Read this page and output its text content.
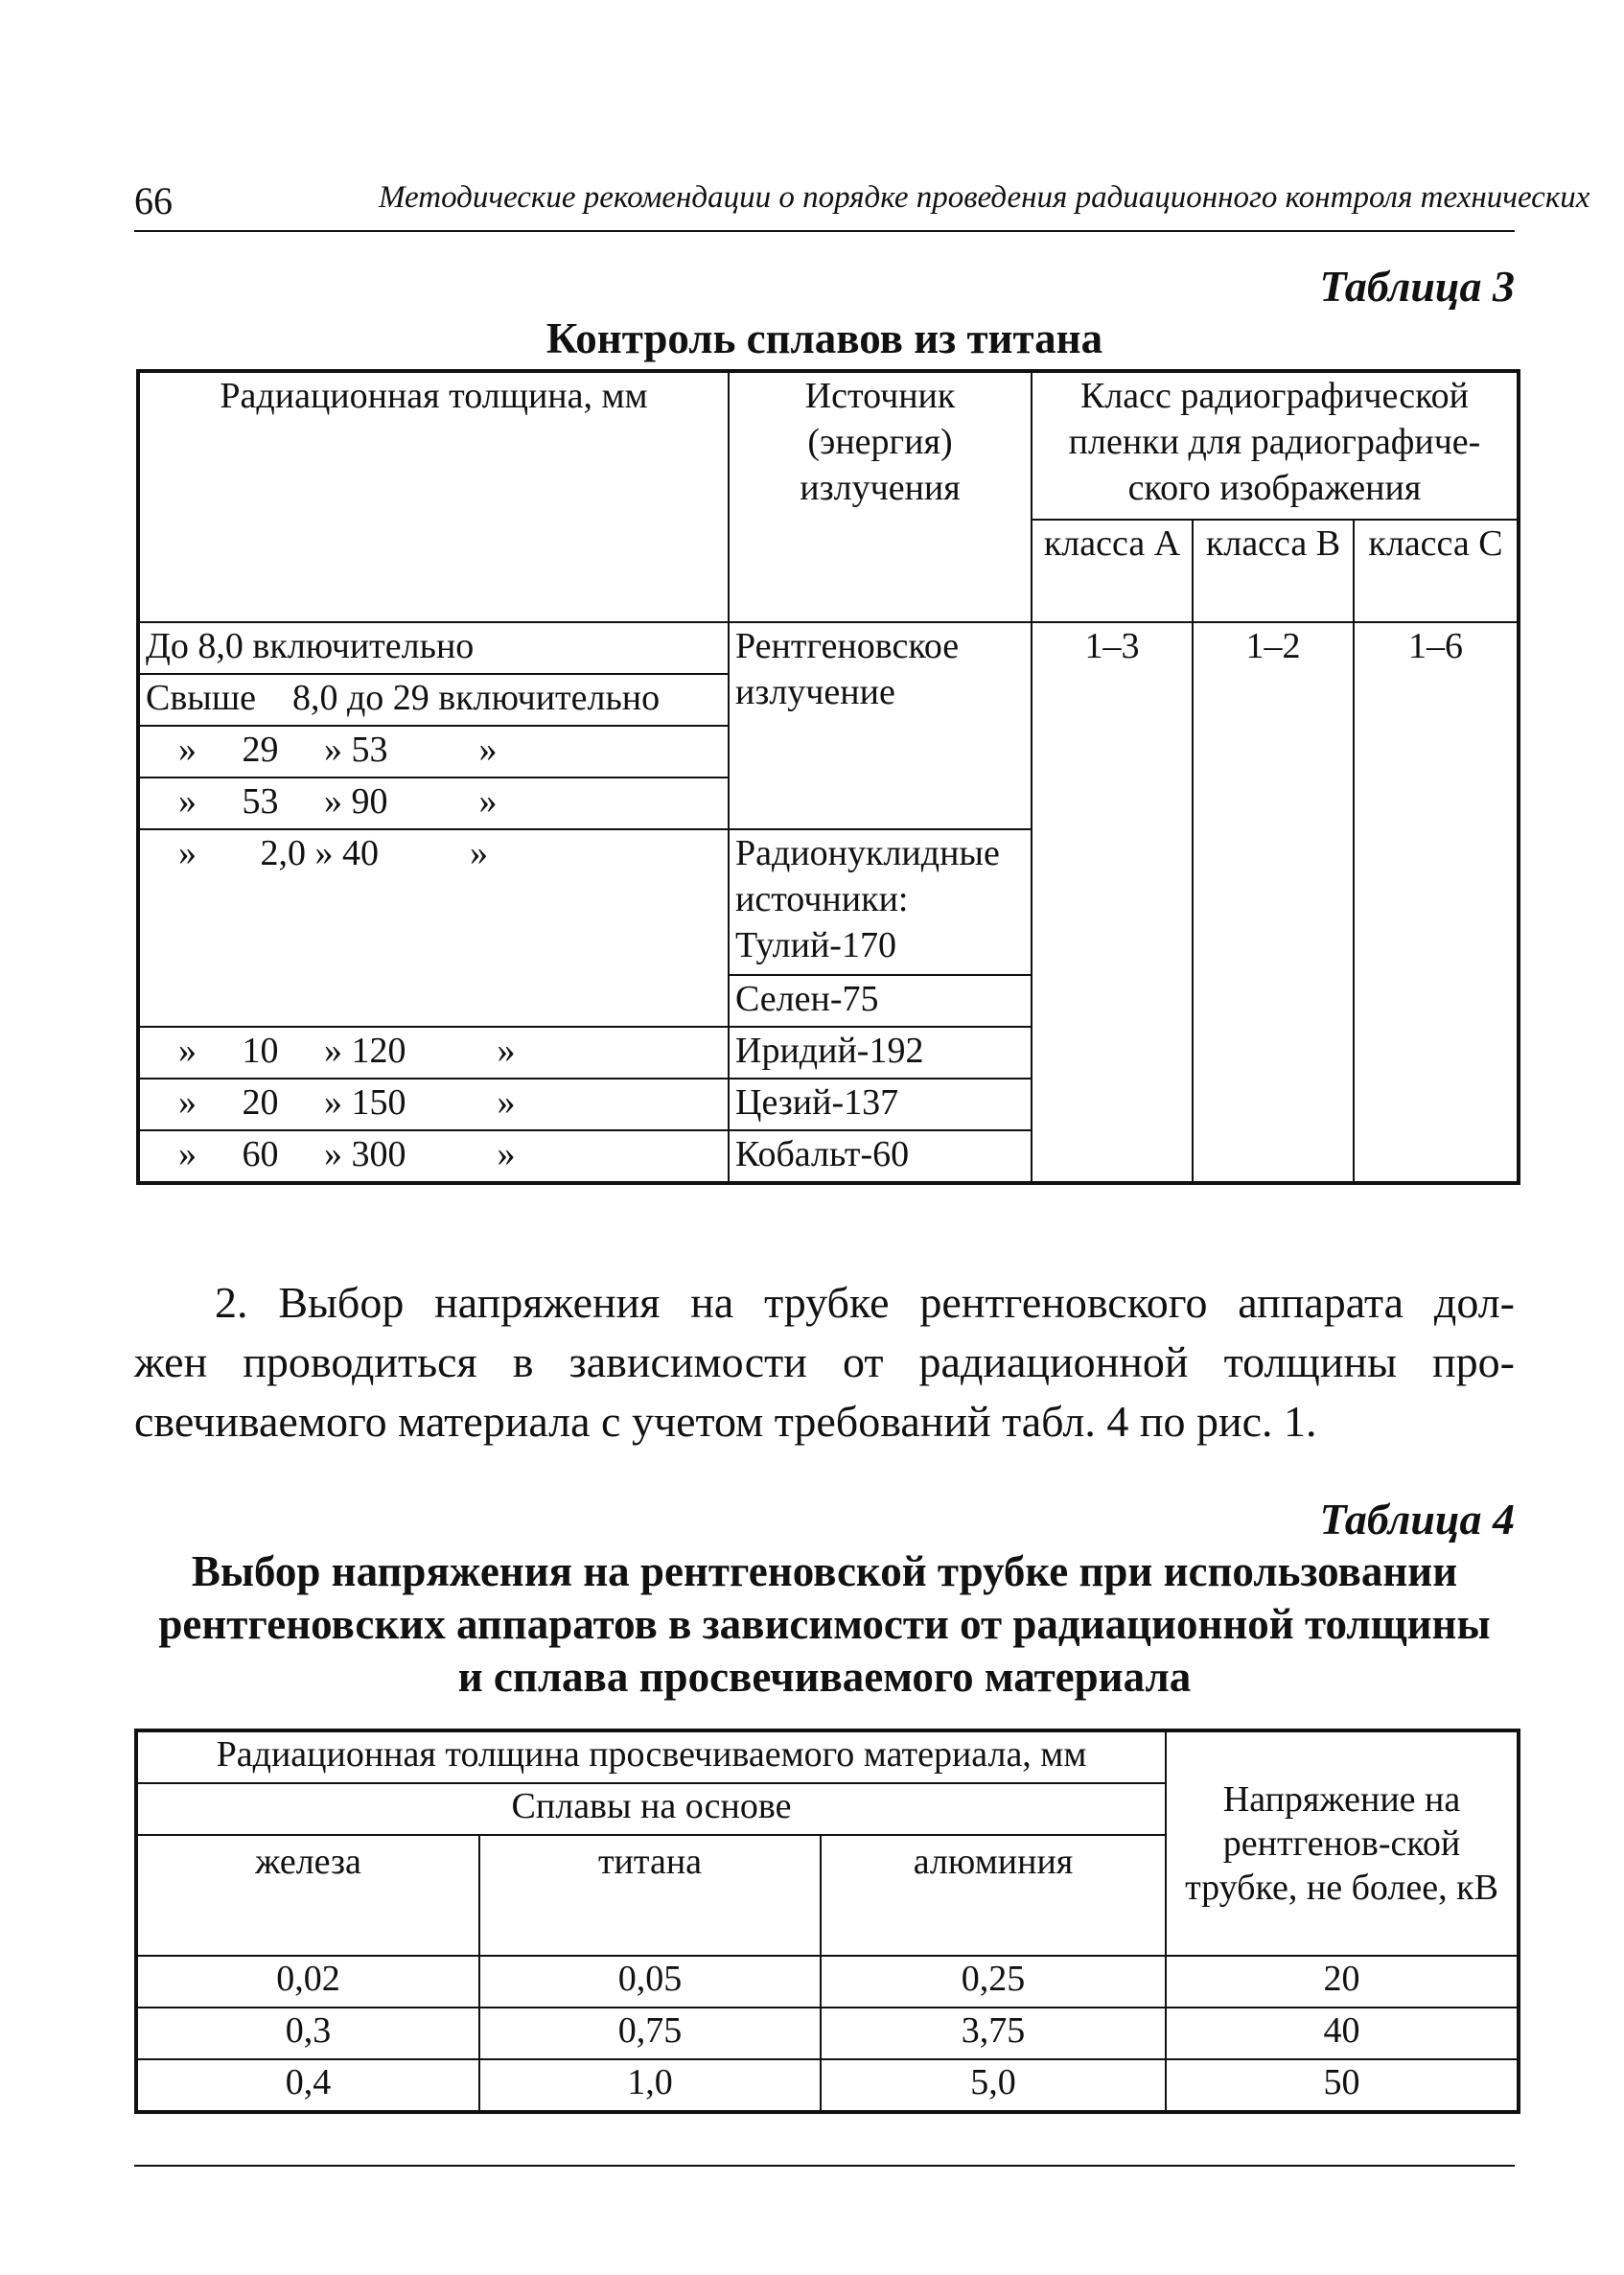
66	Методические рекомендации о порядке проведения радиационного контроля технических
Таблица 3
Контроль сплавов из титана
Радиационная толщина, мм	Источник (энергия) излучения	Класс радиографической пленки для радиографиче-ского изображения		
		класса А	класса В	класса С
До 8,0 включительно	Рентгеновское излучение	1–3	1–2	1–6
Свыше    8,0 до 29 включительно				
»     29     » 53          »				
»     53     » 90          »				
»       2,0 » 40          »	Радионуклидные источники: Тулий-170			
	Селен-75			
»     10     » 120          »	Иридий-192			
»     20     » 150          »	Цезий-137			
»     60     » 300          »	Кобальт-60			
2. Выбор напряжения на трубке рентгеновского аппарата дол-
жен проводиться в зависимости от радиационной толщины про-
свечиваемого материала с учетом требований табл. 4 по рис. 1.
Таблица 4
Выбор напряжения на рентгеновской трубке при использовании
рентгеновских аппаратов в зависимости от радиационной толщины
и сплава просвечиваемого материала
Радиационная толщина просвечиваемого материала, мм			Напряжение на рентгенов-ской трубке, не более, кВ
Сплавы на основе			
железа	титана	алюминия	
0,02	0,05	0,25	20
0,3	0,75	3,75	40
0,4	1,0	5,0	50
